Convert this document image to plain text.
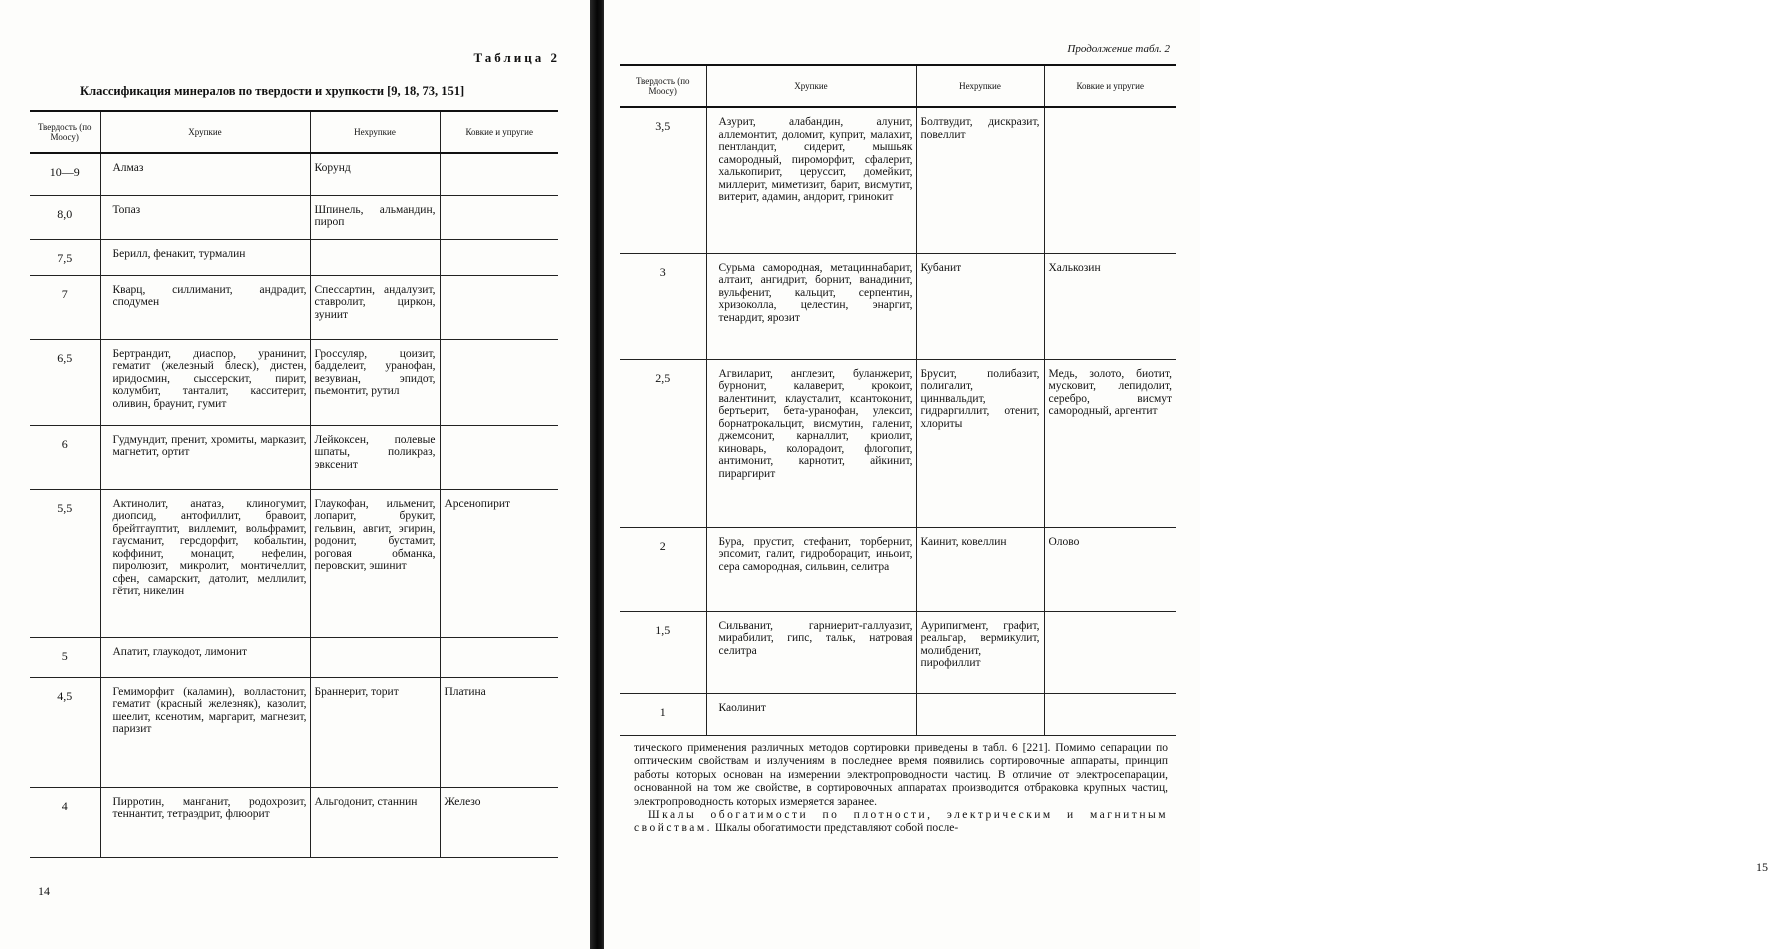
Таблица 2
Классификация минералов по твердости и хрупкости [9, 18, 73, 151]
14
Продолжение табл. 2
15
Твердость (по Моосу)	Хрупкие	Нехрупкие	Ковкие и упругие
10—9	Алмаз	Корунд	
8,0	Топаз	Шпинель, альмандин, пироп	
7,5	Берилл, фенакит, турмалин		
7	Кварц, силлиманит, андрадит, сподумен	Спессартин, андалузит, ставролит, циркон, зуниит	
6,5	Бертрандит, диаспор, уранинит, гематит (железный блеск), дистен, иридосмин, сыссерскит, пирит, колумбит, танталит, касситерит, оливин, браунит, гумит	Гроссуляр, цоизит, бадделеит, уранофан, везувиан, эпидот, пьемонтит, рутил	
6	Гудмундит, пренит, хромиты, марказит, магнетит, ортит	Лейкоксен, полевые шпаты, поликраз, эвксенит	
5,5	Актинолит, анатаз, клиногумит, диопсид, антофиллит, бравоит, брейтгауптит, виллемит, вольфрамит, гаусманит, герсдорфит, кобальтин, коффинит, монацит, нефелин, пиролюзит, микролит, монтичеллит, сфен, самарскит, датолит, меллилит, гётит, никелин	Глаукофан, ильменит, лопарит, брукит, гельвин, авгит, эгирин, родонит, бустамит, роговая обманка, перовскит, эшинит	Арсенопирит
5	Апатит, глаукодот, лимонит		
4,5	Гемиморфит (каламин), волластонит, гематит (красный железняк), казолит, шеелит, ксенотим, маргарит, магнезит, паризит	Браннерит, торит	Платина
4	Пирротин, манганит, родохрозит, теннантит, тетраэдрит, флюорит	Альгодонит, станнин	Железо
Твердость (по Моосу)	Хрупкие	Нехрупкие	Ковкие и упругие
3,5	Азурит, алабандин, алунит, аллемонтит, доломит, куприт, малахит, пентландит, сидерит, мышьяк самородный, пироморфит, сфалерит, халькопирит, церуссит, домейкит, миллерит, миметизит, барит, висмутит, витерит, адамин, андорит, гринокит	Болтвудит, дискразит, повеллит	
3	Сурьма самородная, метациннабарит, алтаит, ангидрит, борнит, ванадинит, вульфенит, кальцит, серпентин, хризоколла, целестин, энаргит, тенардит, ярозит	Кубанит	Халькозин
2,5	Агвиларит, англезит, буланжерит, бурнонит, калаверит, крокоит, валентинит, клаусталит, ксантоконит, бертьерит, бета-уранофан, улексит, борнатрокальцит, висмутин, галенит, джемсонит, карналлит, криолит, киноварь, колорадоит, флогопит, антимонит, карнотит, айкинит, пираргирит	Брусит, полибазит, полигалит, циннвальдит, гидраргиллит, отенит, хлориты	Медь, золото, биотит, мусковит, лепидолит, серебро, висмут самородный, аргентит
2	Бура, прустит, стефанит, торбернит, эпсомит, галит, гидроборацит, иньоит, сера самородная, сильвин, селитра	Каинит, ковеллин	Олово
1,5	Сильванит, гарниерит-галлуазит, мирабилит, гипс, тальк, натровая селитра	Аурипигмент, графит, реальгар, вермикулит, молибденит, пирофиллит	
1	Каолинит		

тического применения различных методов сортировки приведены в табл. 6 [221]. Помимо сепарации по оптическим свойствам и излучениям в последнее время появились сортировочные аппараты, принцип работы которых основан на измерении электропроводности частиц. В отличие от электросепарации, основанной на том же свойстве, в сортировочных аппаратах производится отбраковка крупных частиц, электропроводность которых измеряется заранее.

Шкалы обогатимости по плотности, электрическим и магнитным свойствам. Шкалы обогатимости представляют собой после-
